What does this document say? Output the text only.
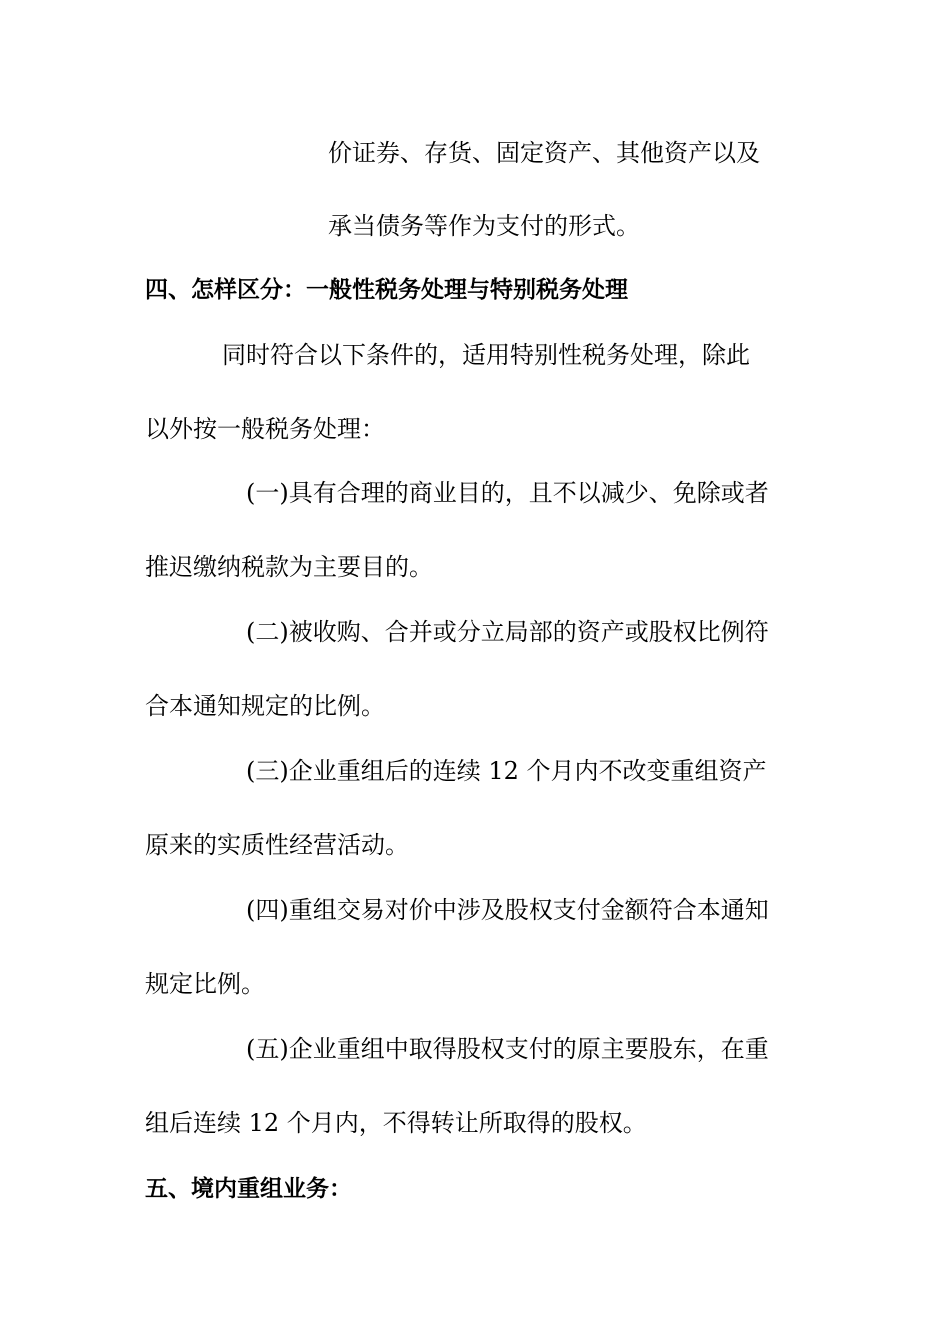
价证券、存货、固定资产、其他资产以及
承当债务等作为支付的形式。
四、怎样区分：一般性税务处理与特别税务处理
同时符合以下条件的，适用特别性税务处理，除此
以外按一般税务处理：
(一)具有合理的商业目的，且不以减少、免除或者
推迟缴纳税款为主要目的。
(二)被收购、合并或分立局部的资产或股权比例符
合本通知规定的比例。
(三)企业重组后的连续 12 个月内不改变重组资产
原来的实质性经营活动。
(四)重组交易对价中涉及股权支付金额符合本通知
规定比例。
(五)企业重组中取得股权支付的原主要股东，在重
组后连续 12 个月内，不得转让所取得的股权。
五、境内重组业务：
